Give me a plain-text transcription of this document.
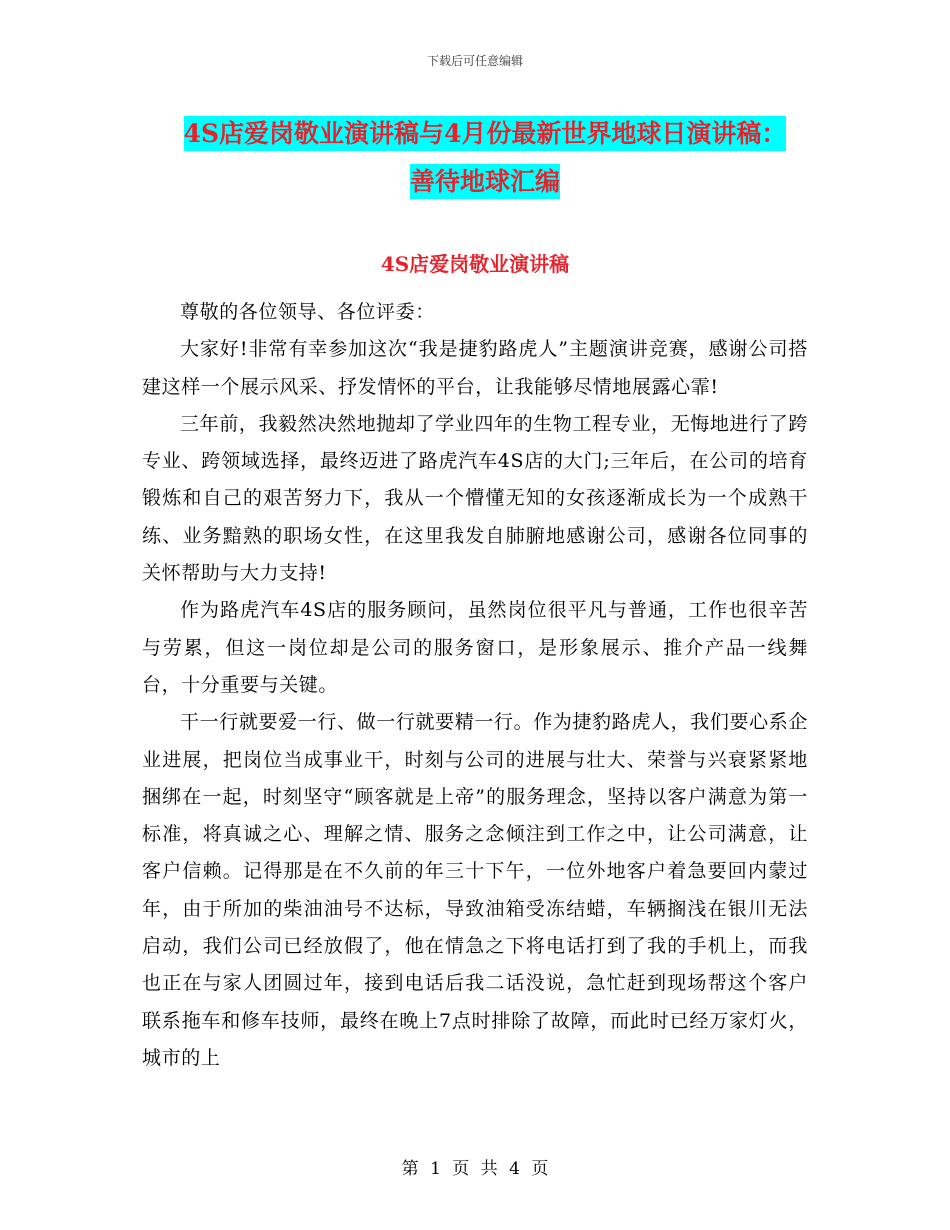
下载后可任意编辑
4S店爱岗敬业演讲稿与4月份最新世界地球日演讲稿：
善待地球汇编
4S店爱岗敬业演讲稿

尊敬的各位领导、各位评委：

大家好!非常有幸参加这次“我是捷豹路虎人”主题演讲竞赛，感谢公司搭建这样一个展示风采、抒发情怀的平台，让我能够尽情地展露心霏!

三年前，我毅然决然地抛却了学业四年的生物工程专业，无悔地进行了跨专业、跨领域选择，最终迈进了路虎汽车4S店的大门;三年后，在公司的培育锻炼和自己的艰苦努力下，我从一个懵懂无知的女孩逐渐成长为一个成熟干练、业务黯熟的职场女性，在这里我发自肺腑地感谢公司，感谢各位同事的关怀帮助与大力支持!

作为路虎汽车4S店的服务顾问，虽然岗位很平凡与普通，工作也很辛苦与劳累，但这一岗位却是公司的服务窗口，是形象展示、推介产品一线舞台，十分重要与关键。

干一行就要爱一行、做一行就要精一行。作为捷豹路虎人，我们要心系企业进展，把岗位当成事业干，时刻与公司的进展与壮大、荣誉与兴衰紧紧地捆绑在一起，时刻坚守“顾客就是上帝”的服务理念，坚持以客户满意为第一标准，将真诚之心、理解之情、服务之念倾注到工作之中，让公司满意，让客户信赖。记得那是在不久前的年三十下午，一位外地客户着急要回内蒙过年，由于所加的柴油油号不达标，导致油箱受冻结蜡，车辆搁浅在银川无法启动，我们公司已经放假了，他在情急之下将电话打到了我的手机上，而我也正在与家人团圆过年，接到电话后我二话没说，急忙赶到现场帮这个客户联系拖车和修车技师，最终在晚上7点时排除了故障，而此时已经万家灯火，城市的上

第 1 页 共 4 页
